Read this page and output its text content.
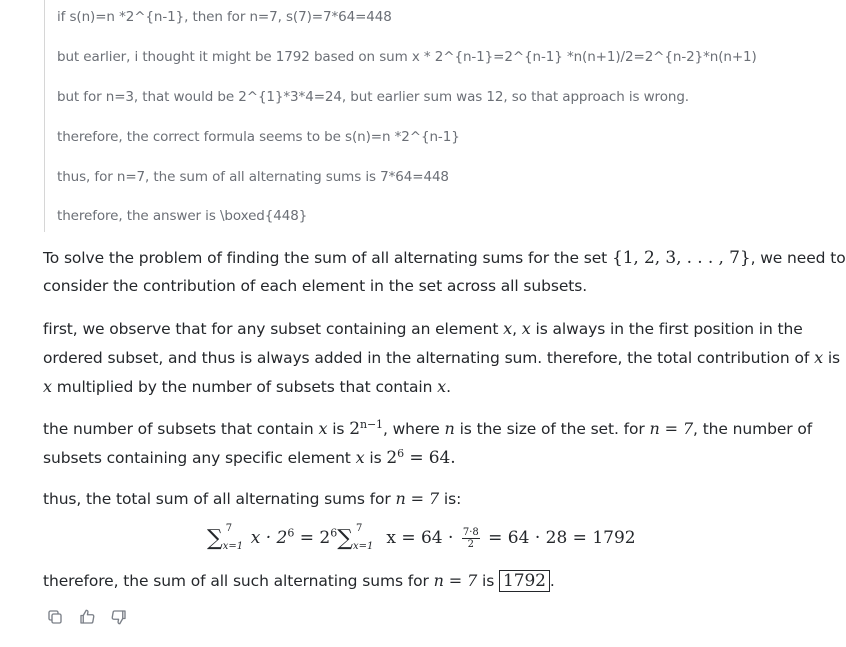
if s(n)=n *2^{n-1}, then for n=7, s(7)=7*64=448
but earlier, i thought it might be 1792 based on sum x * 2^{n-1}=2^{n-1} *n(n+1)/2=2^{n-2}*n(n+1)
but for n=3, that would be 2^{1}*3*4=24, but earlier sum was 12, so that approach is wrong.
therefore, the correct formula seems to be s(n)=n *2^{n-1}
thus, for n=7, the sum of all alternating sums is 7*64=448
therefore, the answer is \boxed{448}
To solve the problem of finding the sum of all alternating sums for the set {1, 2, 3, . . . , 7}, we need to
consider the contribution of each element in the set across all subsets.
first, we observe that for any subset containing an element x, x is always in the first position in the
ordered subset, and thus is always added in the alternating sum. therefore, the total contribution of x is
x multiplied by the number of subsets that contain x.
the number of subsets that contain x is $2^{n-1}$, where n is the size of the set. for n = 7, the number of
subsets containing any specific element x is $2^6 = 64$.
thus, the total sum of all alternating sums for n = 7 is:
therefore, the sum of all such alternating sums for n = 7 is 1792 .
∑ 7
x=1 $x \cdot 2^6 = 2^6\sum$ 7
x=1 $x = 64 \cdot \frac{7\cdot 8}{2} = 64 \cdot 28 = 1792$
